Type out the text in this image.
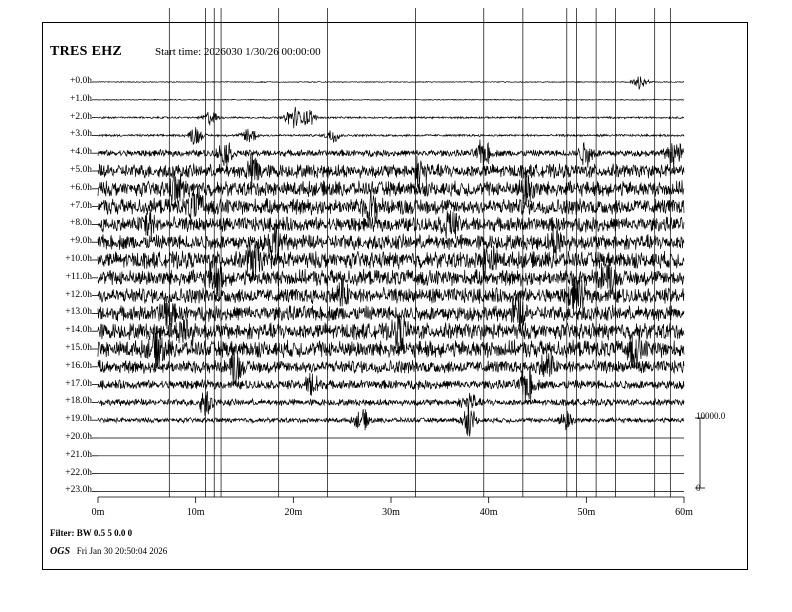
TRES EHZ	Start time: 2026030 1/30/26 00:00:00
+0.0h
+1.0h
+2.0h
+3.0h
+4.0h
+5.0h
+6.0h
+7.0h
+8.0h
+9.0h
+10.0h
+11.0h
+12.0h
+13.0h
+14.0h
+15.0h
+16.0h
+17.0h
+18.0h
+19.0h
+20.0h
+21.0h
+22.0h
+23.0h
0m	10m	20m	30m	40m	50m	60m
10000.0
0
Filter: BW 0.5 5 0.0 0
OGS Fri Jan 30 20:50:04 2026
